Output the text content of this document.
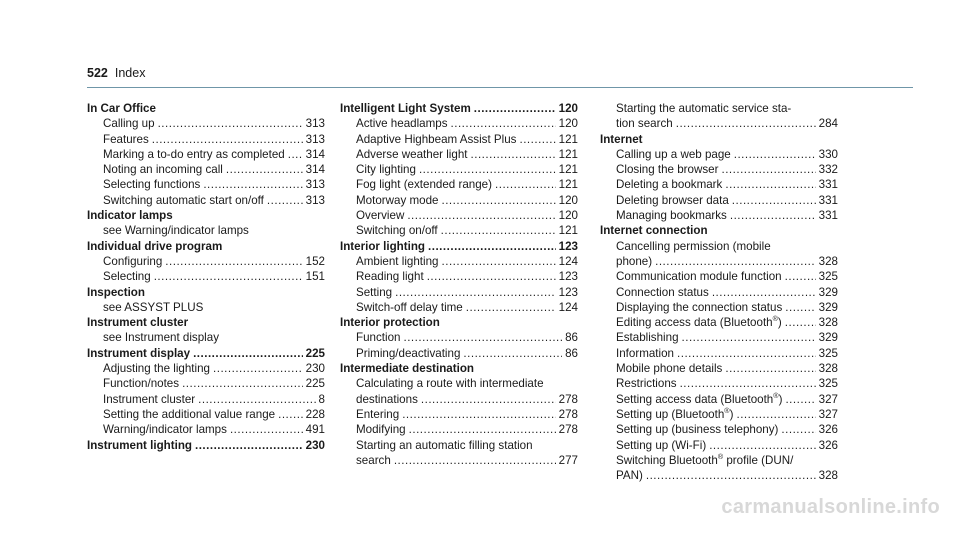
522 Index
In Car Office
Calling up .....	313
Features .....	313
Marking a to-do entry as completed ..... 314
Noting an incoming call .....	314
Selecting functions .....	313
Switching automatic start on/off .....	313
Indicator lamps
see Warning/indicator lamps
Individual drive program
Configuring .....	152
Selecting .....	151
Inspection
see ASSYST PLUS
Instrument cluster
see Instrument display
Instrument display .....	225
Adjusting the lighting .....	230
Function/notes .....	225
Instrument cluster .....	8
Setting the additional value range .....	228
Warning/indicator lamps .....	491
Instrument lighting .....	230
Intelligent Light System .....	120
Active headlamps .....	120
Adaptive Highbeam Assist Plus .....	121
Adverse weather light .....	121
City lighting .....	121
Fog light (extended range) .....	121
Motorway mode .....	120
Overview .....	120
Switching on/off .....	121
Interior lighting .....	123
Ambient lighting .....	124
Reading light .....	123
Setting .....	123
Switch-off delay time .....	124
Interior protection
Function .....	86
Priming/deactivating .....	86
Intermediate destination
Calculating a route with intermediate
destinations .....	278
Entering .....	278
Modifying .....	278
Starting an automatic filling station
search .....	277
Starting the automatic service sta-
tion search .....	284
Internet
Calling up a web page .....	330
Closing the browser .....	332
Deleting a bookmark .....	331
Deleting browser data .....	331
Managing bookmarks .....	331
Internet connection
Cancelling permission (mobile
phone) .....	328
Communication module function .....	325
Connection status .....	329
Displaying the connection status .....	329
Editing access data (Bluetooth®) .....	328
Establishing .....	329
Information .....	325
Mobile phone details .....	328
Restrictions .....	325
Setting access data (Bluetooth®) .....	327
Setting up (Bluetooth®) .....	327
Setting up (business telephony) .....	326
Setting up (Wi-Fi) .....	326
Switching Bluetooth® profile (DUN/
PAN) .....	328
carmanualsonline.info
